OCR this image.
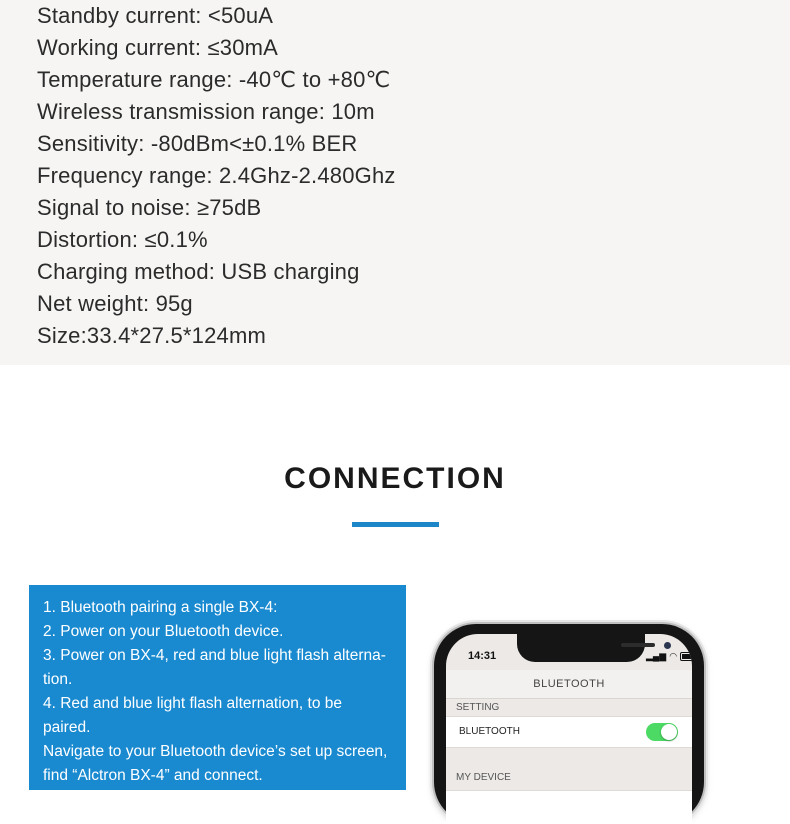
Standby current: <50uA
Working current: ≤30mA
Temperature range: -40℃ to +80℃
Wireless transmission range: 10m
Sensitivity: -80dBm<±0.1% BER
Frequency range: 2.4Ghz-2.480Ghz
Signal to noise: ≥75dB
Distortion: ≤0.1%
Charging method: USB charging
Net weight: 95g
Size:33.4*27.5*124mm
CONNECTION
1. Bluetooth pairing a single BX-4:
2. Power on your Bluetooth device.
3. Power on BX-4, red and blue light flash alterna-
tion.
4. Red and blue light flash alternation, to be
paired.
Navigate to your Bluetooth device’s set up screen,
find “Alctron BX-4” and connect.
14:31	▂▄▆ ◠
BLUETOOTH
SETTING
BLUETOOTH
MY DEVICE
